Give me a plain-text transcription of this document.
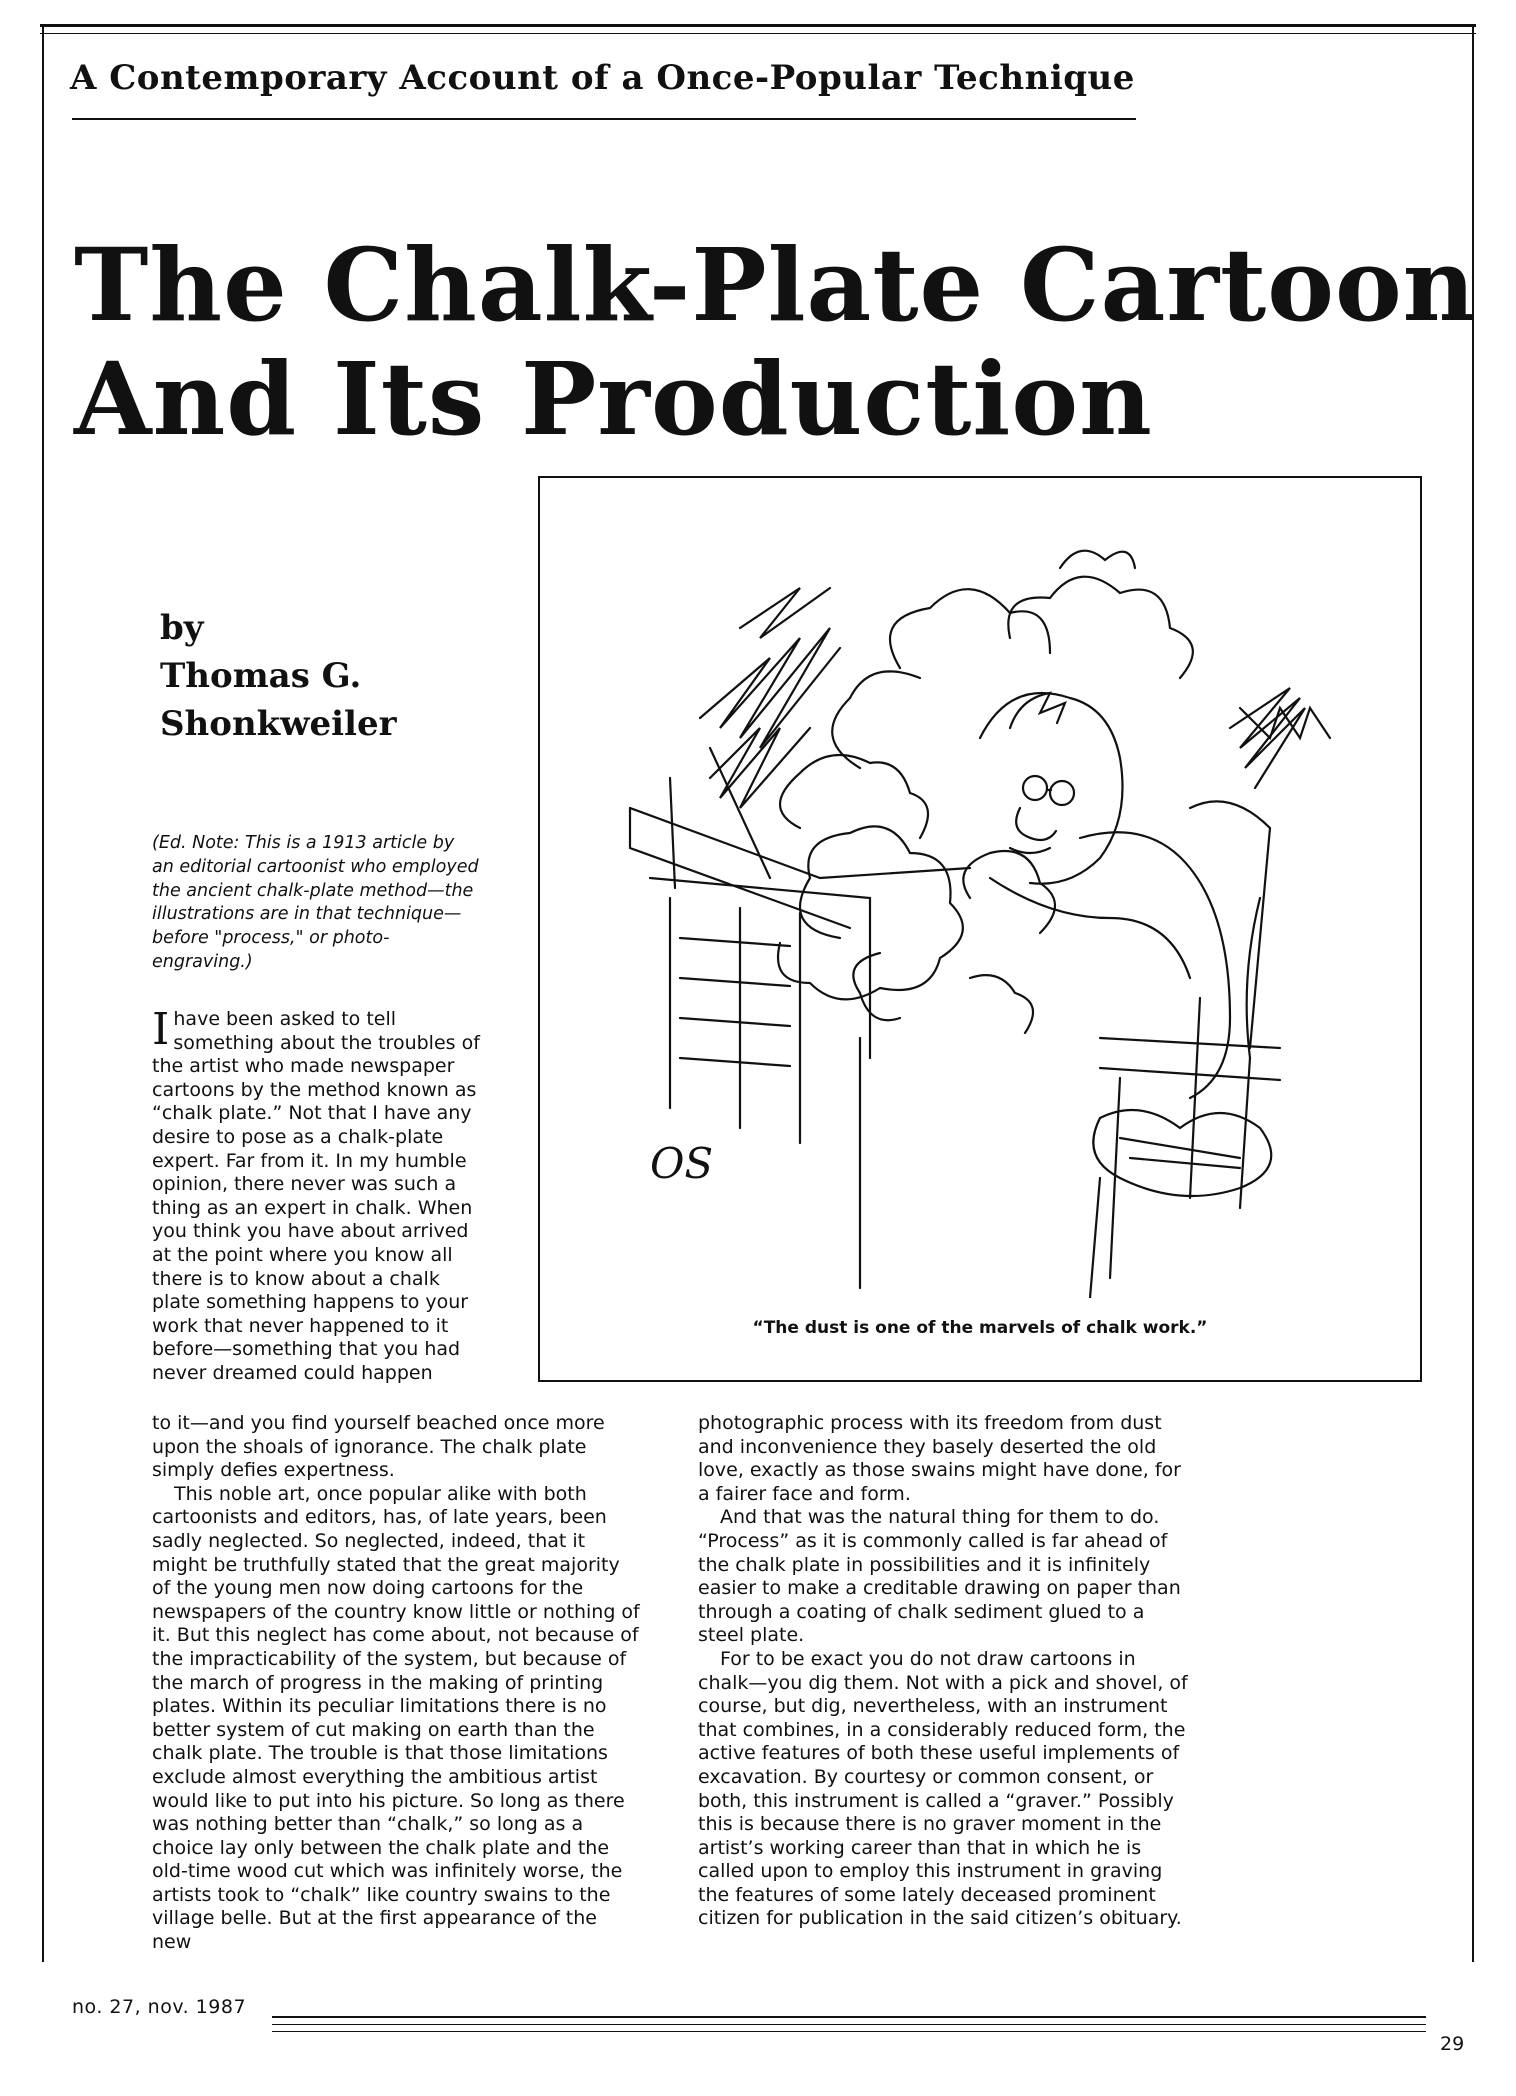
A Contemporary Account of a Once-Popular Technique
The Chalk-Plate Cartoon
And Its Production
by
Thomas G.
Shonkweiler
(Ed. Note: This is a 1913 article by an editorial cartoonist who employed the ancient chalk-plate method—the illustrations are in that technique—before "process," or photo-engraving.)
OS
“The dust is one of the marvels of chalk work.”

Ihave been asked to tell something about the troubles of the artist who made newspaper cartoons by the method known as “chalk plate.” Not that I have any desire to pose as a chalk-plate expert. Far from it. In my humble opinion, there never was such a thing as an expert in chalk. When you think you have about arrived at the point where you know all there is to know about a chalk plate something happens to your work that never happened to it before—something that you had never dreamed could happen

to it—and you find yourself beached once more upon the shoals of ignorance. The chalk plate simply defies expertness.

This noble art, once popular alike with both cartoonists and editors, has, of late years, been sadly neglected. So neglected, indeed, that it might be truthfully stated that the great majority of the young men now doing cartoons for the newspapers of the country know little or nothing of it. But this neglect has come about, not because of the impracticability of the system, but because of the march of progress in the making of printing plates. Within its peculiar limitations there is no better system of cut making on earth than the chalk plate. The trouble is that those limitations exclude almost everything the ambitious artist would like to put into his picture. So long as there was nothing better than “chalk,” so long as a choice lay only between the chalk plate and the old-time wood cut which was infinitely worse, the artists took to “chalk” like country swains to the village belle. But at the first appearance of the new

photographic process with its freedom from dust and inconvenience they basely deserted the old love, exactly as those swains might have done, for a fairer face and form.

And that was the natural thing for them to do. “Process” as it is commonly called is far ahead of the chalk plate in possibilities and it is infinitely easier to make a creditable drawing on paper than through a coating of chalk sediment glued to a steel plate.

For to be exact you do not draw cartoons in chalk—you dig them. Not with a pick and shovel, of course, but dig, nevertheless, with an instrument that combines, in a considerably reduced form, the active features of both these useful implements of excavation. By courtesy or common consent, or both, this instrument is called a “graver.” Possibly this is because there is no graver moment in the artist’s working career than that in which he is called upon to employ this instrument in graving the features of some lately deceased prominent citizen for publication in the said citizen’s obituary.

no. 27, nov. 1987
29
